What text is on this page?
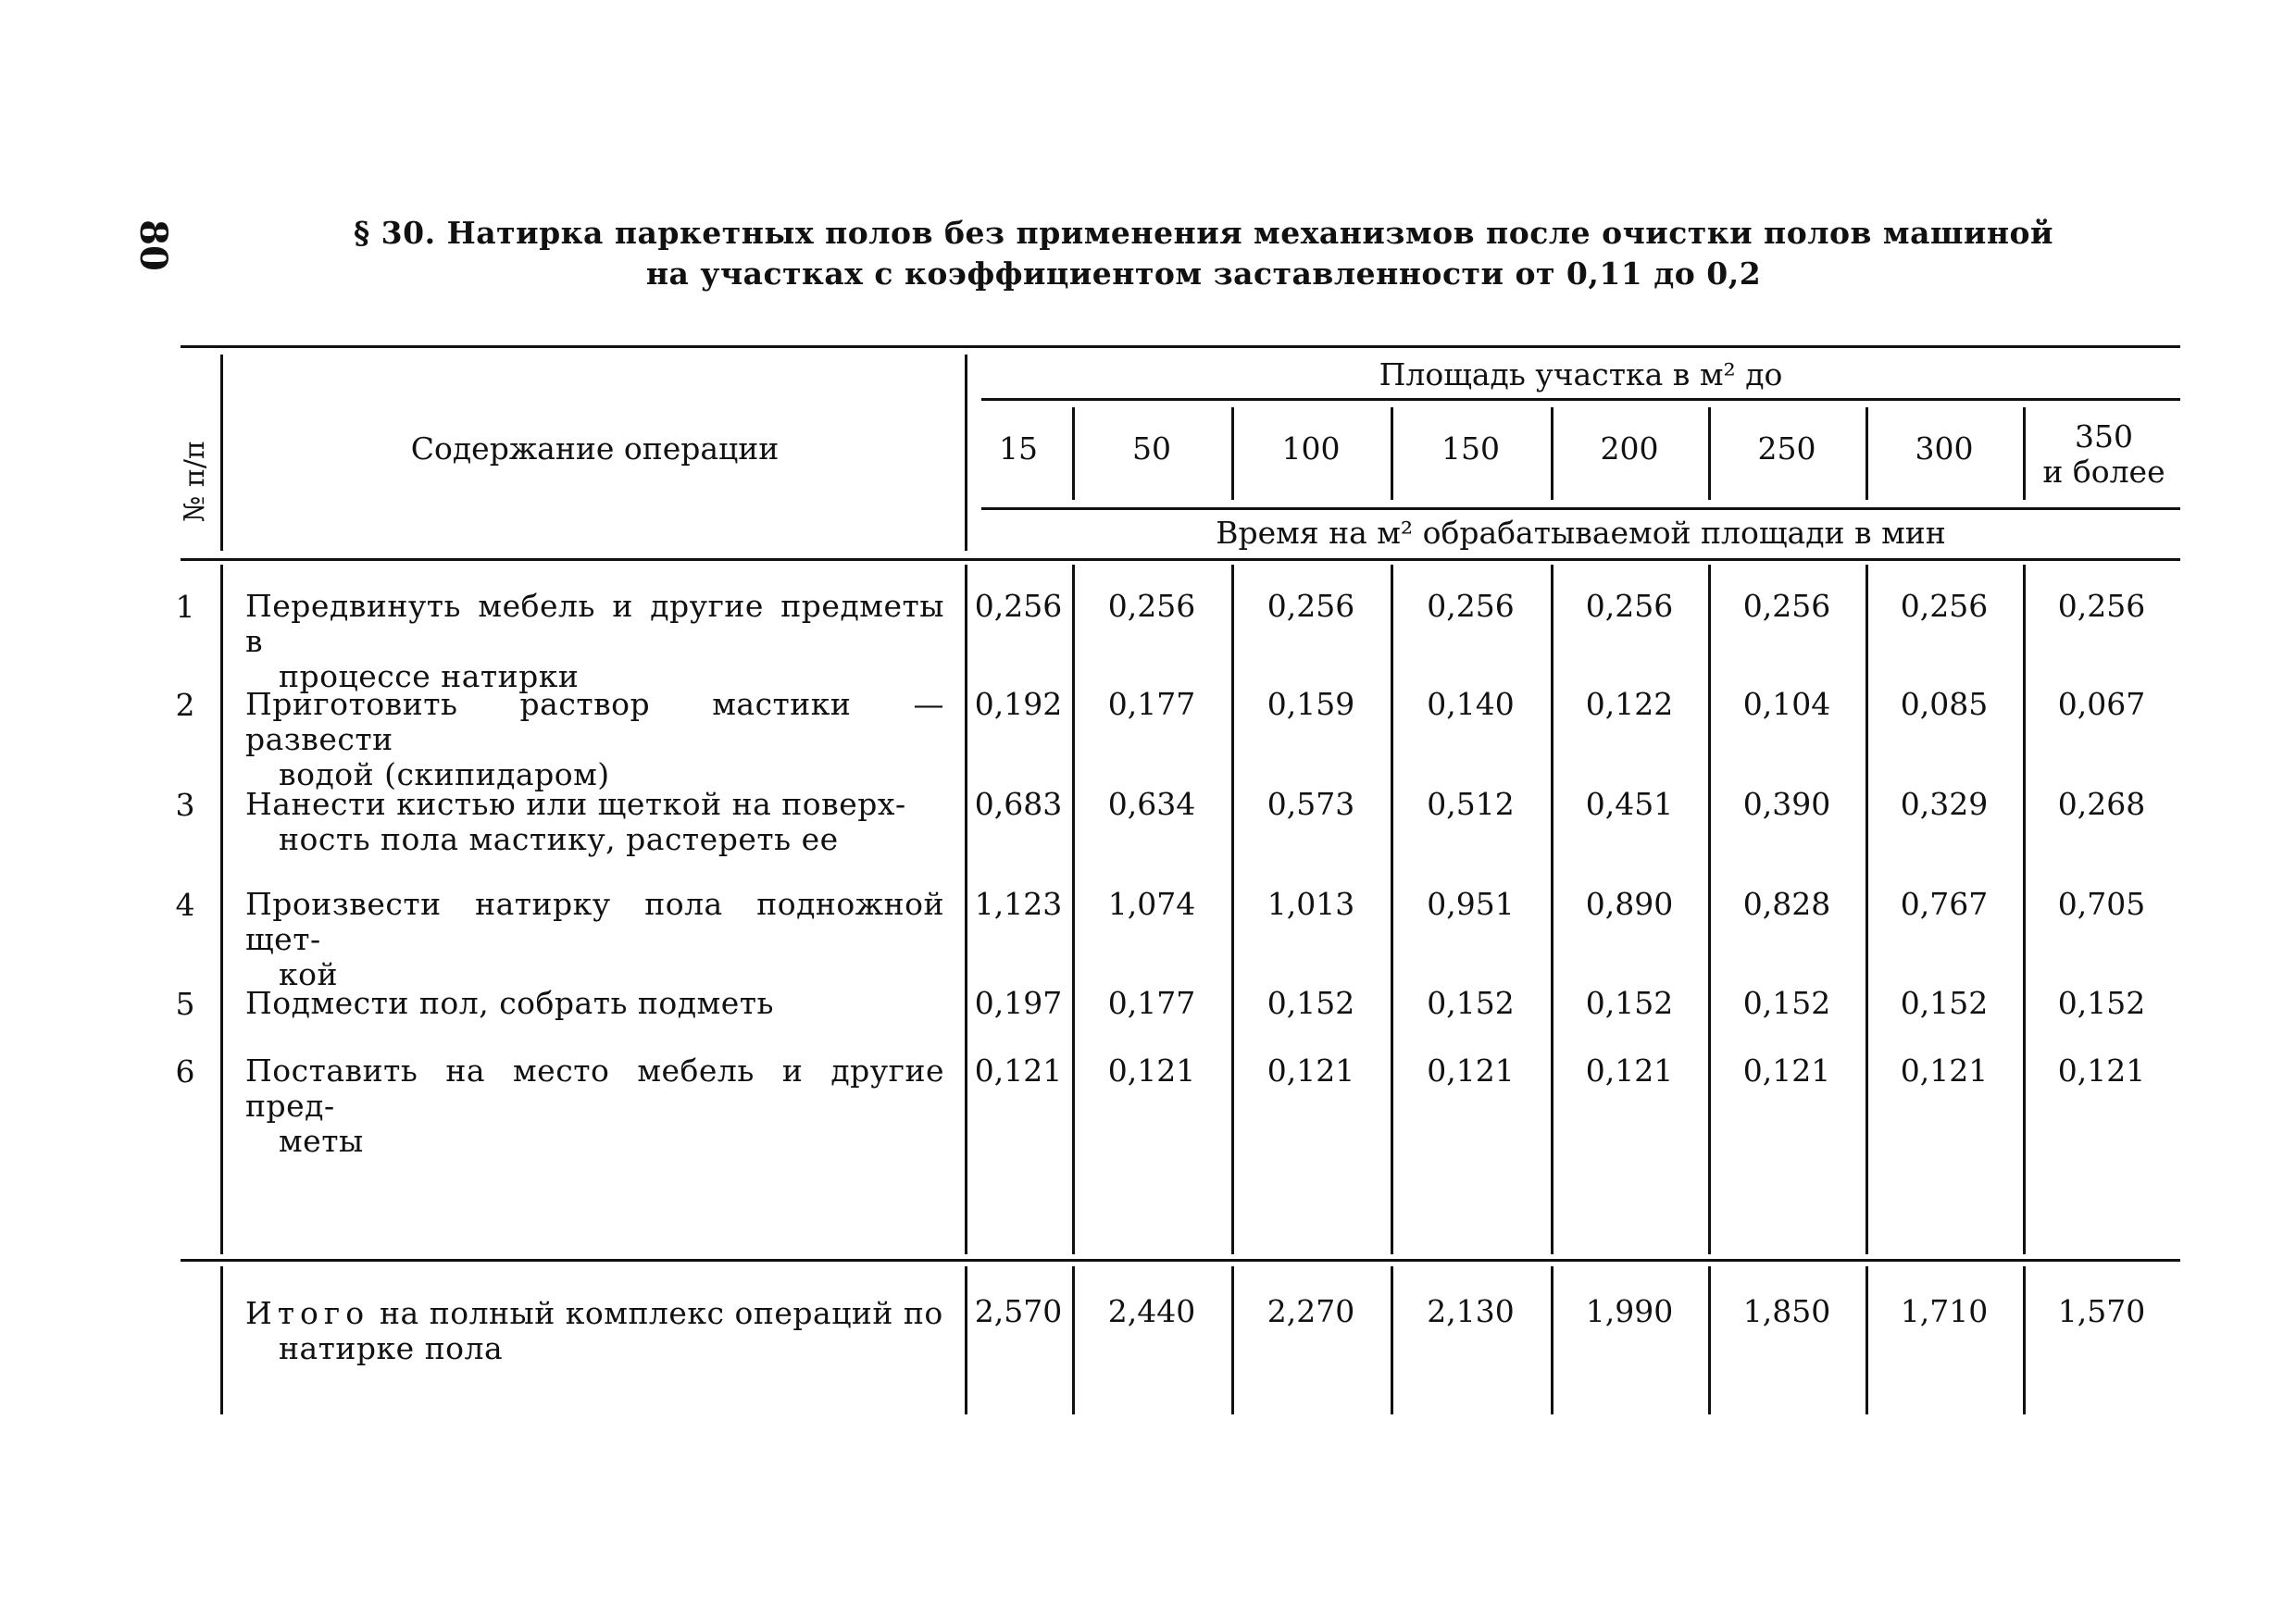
80	§ 30. Натирка паркетных полов без применения механизмов после очистки полов машиной
на участках с коэффициентом заставленности от 0,11 до 0,2
№ п/п	Содержание операции
Площадь участка в м² до
Время на м² обрабатываемой площади в мин
15	50	100	150	200	250	300	350
и более
1 Передвинуть мебель и другие предметы в
процессе натирки
0,256	0,256	0,256	0,256	0,256	0,256	0,256	0,256
2 Приготовить раствор мастики — развести
водой (скипидаром)
0,192	0,177	0,159	0,140	0,122	0,104	0,085	0,067
3 Нанести кистью или щеткой на поверх-
ность пола мастику, растереть ее
0,683	0,634	0,573	0,512	0,451	0,390	0,329	0,268
4 Произвести натирку пола подножной щет-
кой
1,123	1,074	1,013	0,951	0,890	0,828	0,767	0,705
5 Подмести пол, собрать подметь	0,197	0,177	0,152	0,152	0,152	0,152	0,152	0,152
6 Поставить на место мебель и другие пред-
меты
0,121	0,121	0,121	0,121	0,121	0,121	0,121	0,121
Итого на полный комплекс операций по
натирке пола
2,570	2,440	2,270	2,130	1,990	1,850	1,710	1,570
